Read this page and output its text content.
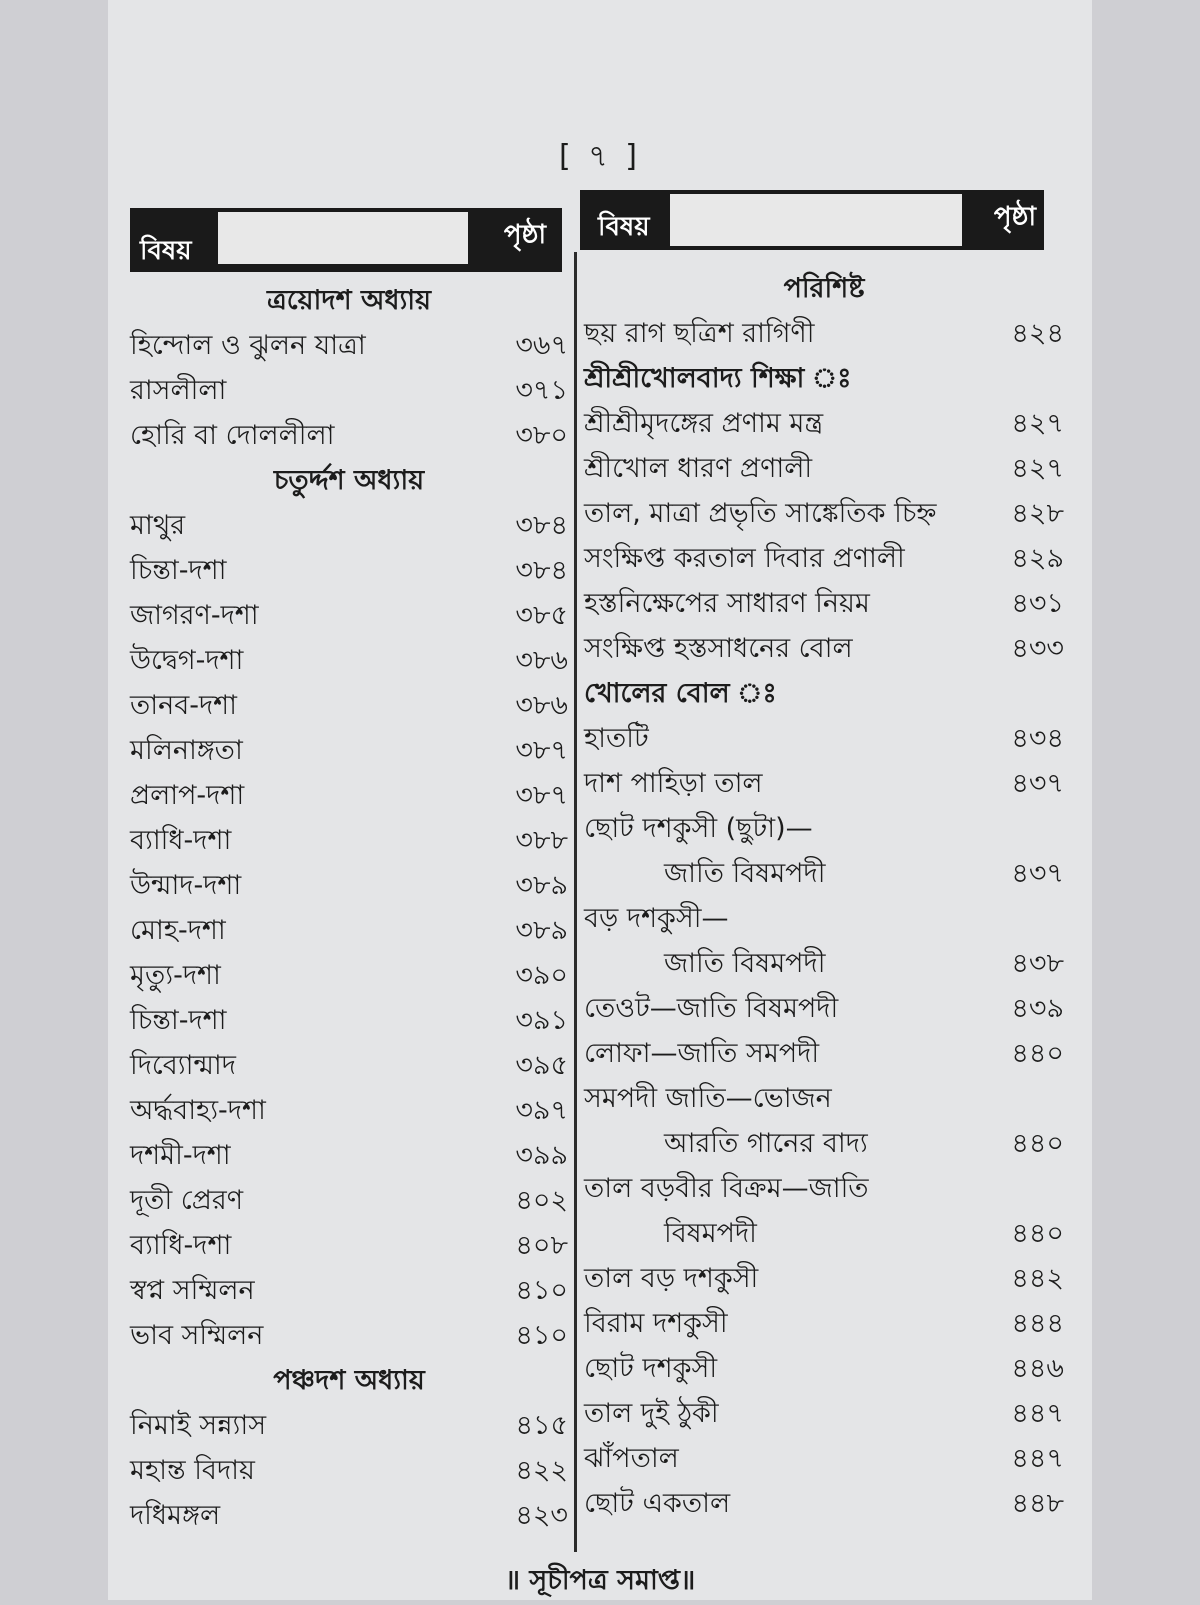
[ ৭ ]
বিষয়
পৃষ্ঠা বিষয়	পৃষ্ঠা
ত্রয়োদশ অধ্যায়
হিন্দোল ও ঝুলন যাত্রা	৩৬৭
রাসলীলা	৩৭১
হোরি বা দোললীলা	৩৮০
চতুর্দ্দশ অধ্যায়
মাথুর	৩৮৪
চিন্তা-দশা	৩৮৪
জাগরণ-দশা	৩৮৫
উদ্বেগ-দশা	৩৮৬
তানব-দশা	৩৮৬
মলিনাঙ্গতা	৩৮৭
প্রলাপ-দশা	৩৮৭
ব্যাধি-দশা	৩৮৮
উন্মাদ-দশা	৩৮৯
মোহ-দশা	৩৮৯
মৃত্যু-দশা	৩৯০
চিন্তা-দশা	৩৯১
দিব্যোন্মাদ	৩৯৫
অর্দ্ধবাহ্য-দশা	৩৯৭
দশমী-দশা	৩৯৯
দূতী প্রেরণ	৪০২
ব্যাধি-দশা	৪০৮
স্বপ্ন সম্মিলন	৪১০
ভাব সম্মিলন	৪১০
পঞ্চদশ অধ্যায়
নিমাই সন্ন্যাস	৪১৫
মহান্ত বিদায়	৪২২
দধিমঙ্গল	৪২৩
পরিশিষ্ট
ছয় রাগ ছত্রিশ রাগিণী	৪২৪
শ্রীশ্রীখোলবাদ্য শিক্ষা ঃ
শ্রীশ্রীমৃদঙ্গের প্রণাম মন্ত্র	৪২৭
শ্রীখোল ধারণ প্রণালী	৪২৭
তাল, মাত্রা প্রভৃতি সাঙ্কেতিক চিহ্ন	৪২৮
সংক্ষিপ্ত করতাল দিবার প্রণালী	৪২৯
হস্তনিক্ষেপের সাধারণ নিয়ম	৪৩১
সংক্ষিপ্ত হস্তসাধনের বোল	৪৩৩
খোলের বোল ঃ
হাতটি	৪৩৪
দাশ পাহিড়া তাল	৪৩৭
ছোট দশকুসী (ছুটা)—
জাতি বিষমপদী	৪৩৭
বড় দশকুসী—
জাতি বিষমপদী	৪৩৮
তেওট—জাতি বিষমপদী	৪৩৯
লোফা—জাতি সমপদী	৪৪০
সমপদী জাতি—ভোজন
আরতি গানের বাদ্য	৪৪০
তাল বড়বীর বিক্রম—জাতি
বিষমপদী	৪৪০
তাল বড় দশকুসী	৪৪২
বিরাম দশকুসী	৪৪৪
ছোট দশকুসী	৪৪৬
তাল দুই ঠুকী	৪৪৭
ঝাঁপতাল	৪৪৭
ছোট একতাল	৪৪৮
॥ সূচীপত্র সমাপ্ত॥
